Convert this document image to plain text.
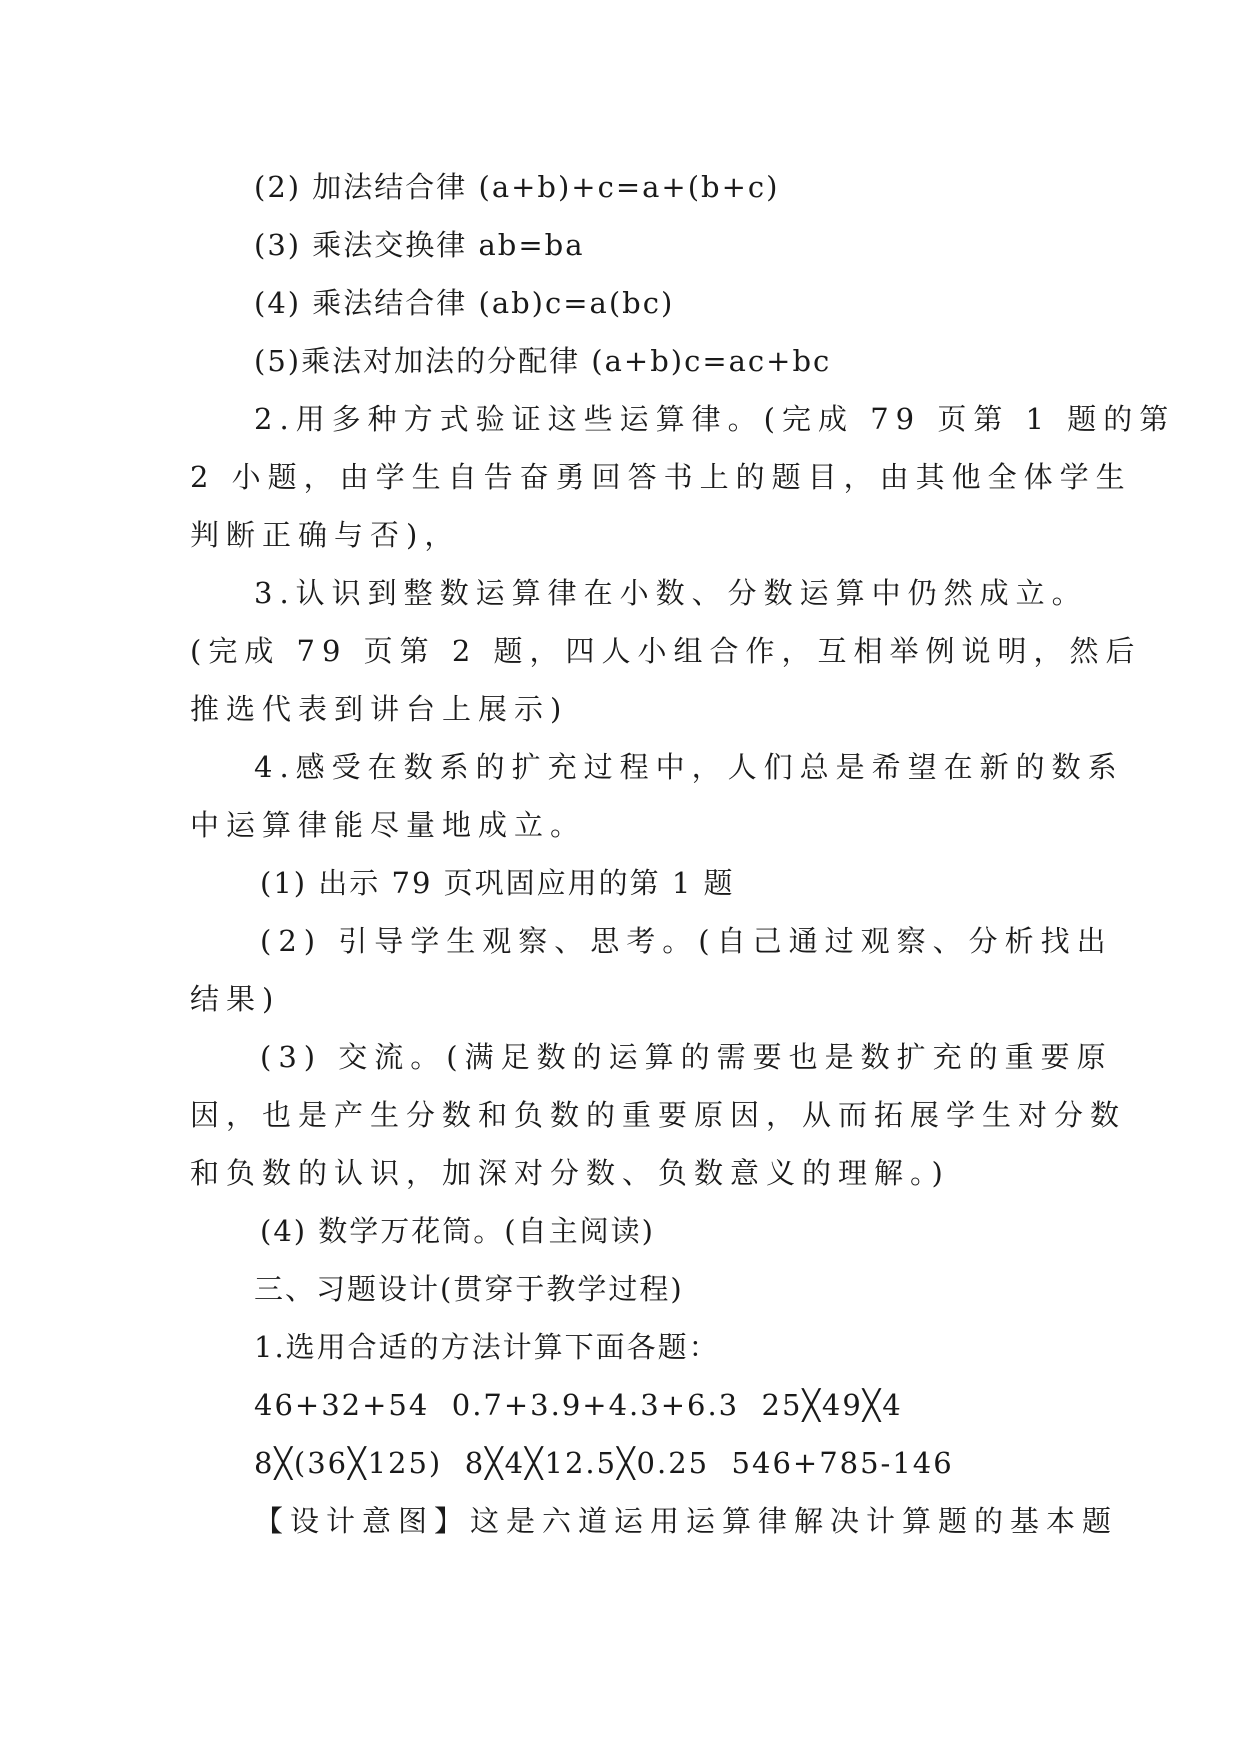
(2) 加法结合律 (a+b)+c=a+(b+c)

(3) 乘法交换律 ab=ba

(4) 乘法结合律 (ab)c=a(bc)

(5)乘法对加法的分配律 (a+b)c=ac+bc

2.用多种方式验证这些运算律。(完成 79 页第 1 题的第

2 小题，由学生自告奋勇回答书上的题目，由其他全体学生

判断正确与否)，

3.认识到整数运算律在小数、分数运算中仍然成立。

(完成 79 页第 2 题，四人小组合作，互相举例说明，然后

推选代表到讲台上展示)

4.感受在数系的扩充过程中，人们总是希望在新的数系

中运算律能尽量地成立。

(1) 出示 79 页巩固应用的第 1 题

(2) 引导学生观察、思考。(自己通过观察、分析找出

结果)

(3) 交流。(满足数的运算的需要也是数扩充的重要原

因，也是产生分数和负数的重要原因，从而拓展学生对分数

和负数的认识，加深对分数、负数意义的理解。)

(4) 数学万花筒。(自主阅读)

三、习题设计(贯穿于教学过程)

1.选用合适的方法计算下面各题：

46+32+54  0.7+3.9+4.3+6.3  25╳49╳4

8╳(36╳125)  8╳4╳12.5╳0.25  546+785-146

【设计意图】这是六道运用运算律解决计算题的基本题
